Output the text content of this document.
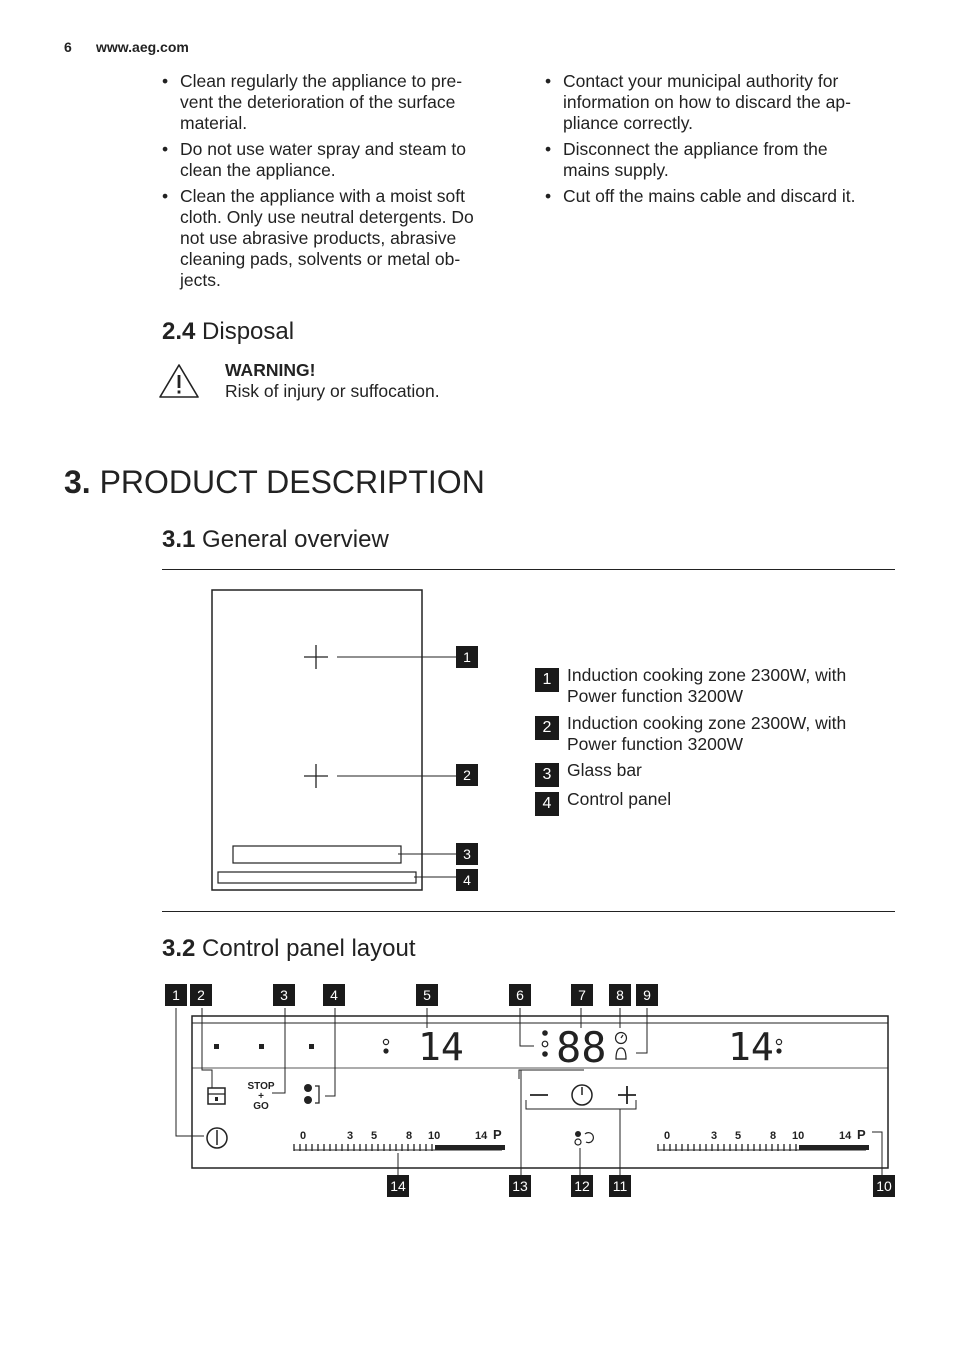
6 www.aeg.com
• Clean regularly the appliance to pre-
vent the deterioration of the surface
material.
• Do not use water spray and steam to
clean the appliance.
• Clean the appliance with a moist soft
cloth. Only use neutral detergents. Do
not use abrasive products, abrasive
cleaning pads, solvents or metal ob-
jects.
• Contact your municipal authority for
information on how to discard the ap-
pliance correctly.
• Disconnect the appliance from the
mains supply.
• Cut off the mains cable and discard it.
2.4 Disposal
WARNING!
Risk of injury or suffocation.
3. PRODUCT DESCRIPTION
3.1 General overview
1
2
3
4
1 Induction cooking zone 2300W, with
Power function 3200W
2 Induction cooking zone 2300W, with
Power function 3200W
3 Glass bar
4 Control panel
3.2 Control panel layout
1	2	3	4	5	6	7	8	9
14 88	14
STOP
+
GO
0	3 5	8 10	14 P	0	3 5	8 10	14 P
14	13	12 11	10
